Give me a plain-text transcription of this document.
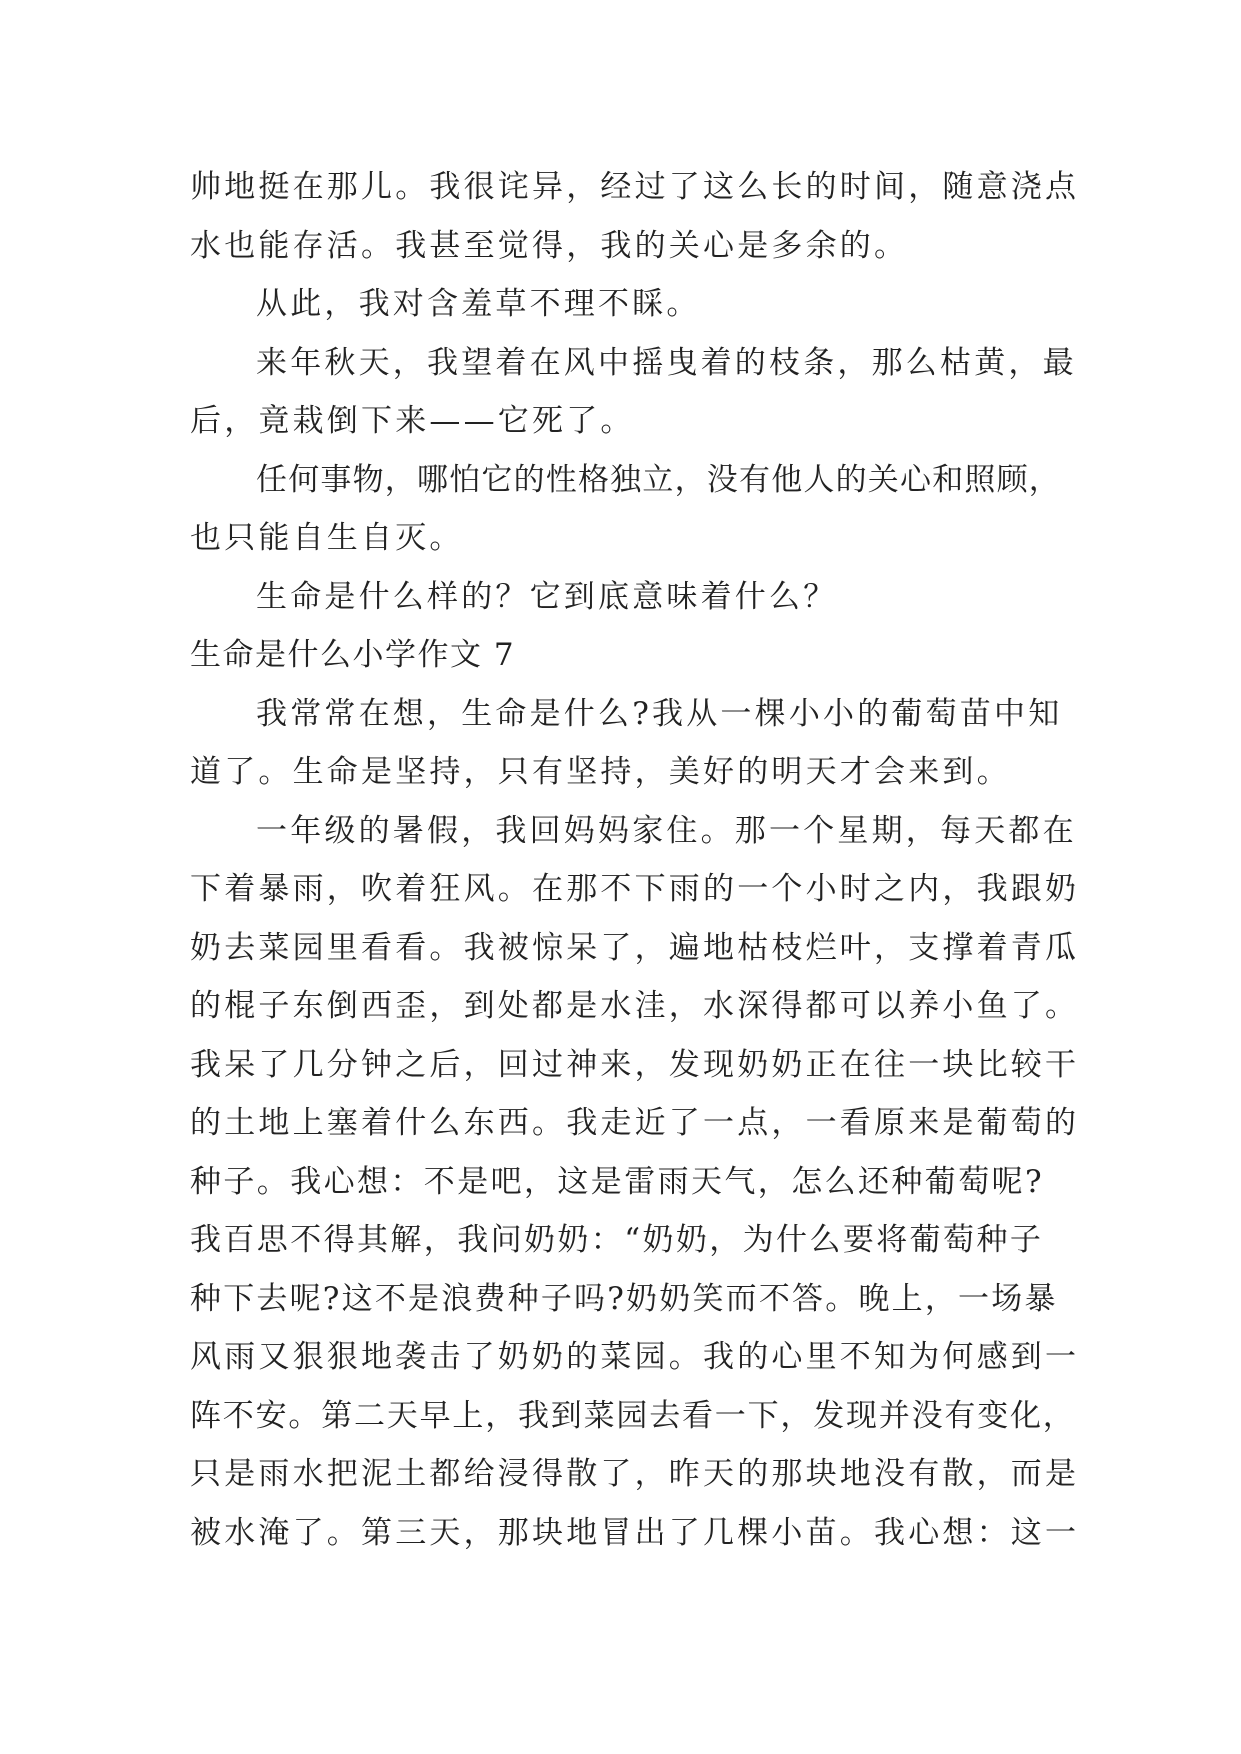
帅地挺在那儿。我很诧异，经过了这么长的时间，随意浇点
水也能存活。我甚至觉得，我的关心是多余的。
从此，我对含羞草不理不睬。
来年秋天，我望着在风中摇曳着的枝条，那么枯黄，最
后，竟栽倒下来——它死了。
任何事物，哪怕它的性格独立，没有他人的关心和照顾，
也只能自生自灭。
生命是什么样的？它到底意味着什么？
生命是什么小学作文 7
我常常在想，生命是什么?我从一棵小小的葡萄苗中知
道了。生命是坚持，只有坚持，美好的明天才会来到。
一年级的暑假，我回妈妈家住。那一个星期，每天都在
下着暴雨，吹着狂风。在那不下雨的一个小时之内，我跟奶
奶去菜园里看看。我被惊呆了，遍地枯枝烂叶，支撑着青瓜
的棍子东倒西歪，到处都是水洼，水深得都可以养小鱼了。
我呆了几分钟之后，回过神来，发现奶奶正在往一块比较干
的土地上塞着什么东西。我走近了一点，一看原来是葡萄的
种子。我心想：不是吧，这是雷雨天气，怎么还种葡萄呢?
我百思不得其解，我问奶奶：“奶奶，为什么要将葡萄种子
种下去呢?这不是浪费种子吗?奶奶笑而不答。晚上，一场暴
风雨又狠狠地袭击了奶奶的菜园。我的心里不知为何感到一
阵不安。第二天早上，我到菜园去看一下，发现并没有变化，
只是雨水把泥土都给浸得散了，昨天的那块地没有散，而是
被水淹了。第三天，那块地冒出了几棵小苗。我心想：这一
